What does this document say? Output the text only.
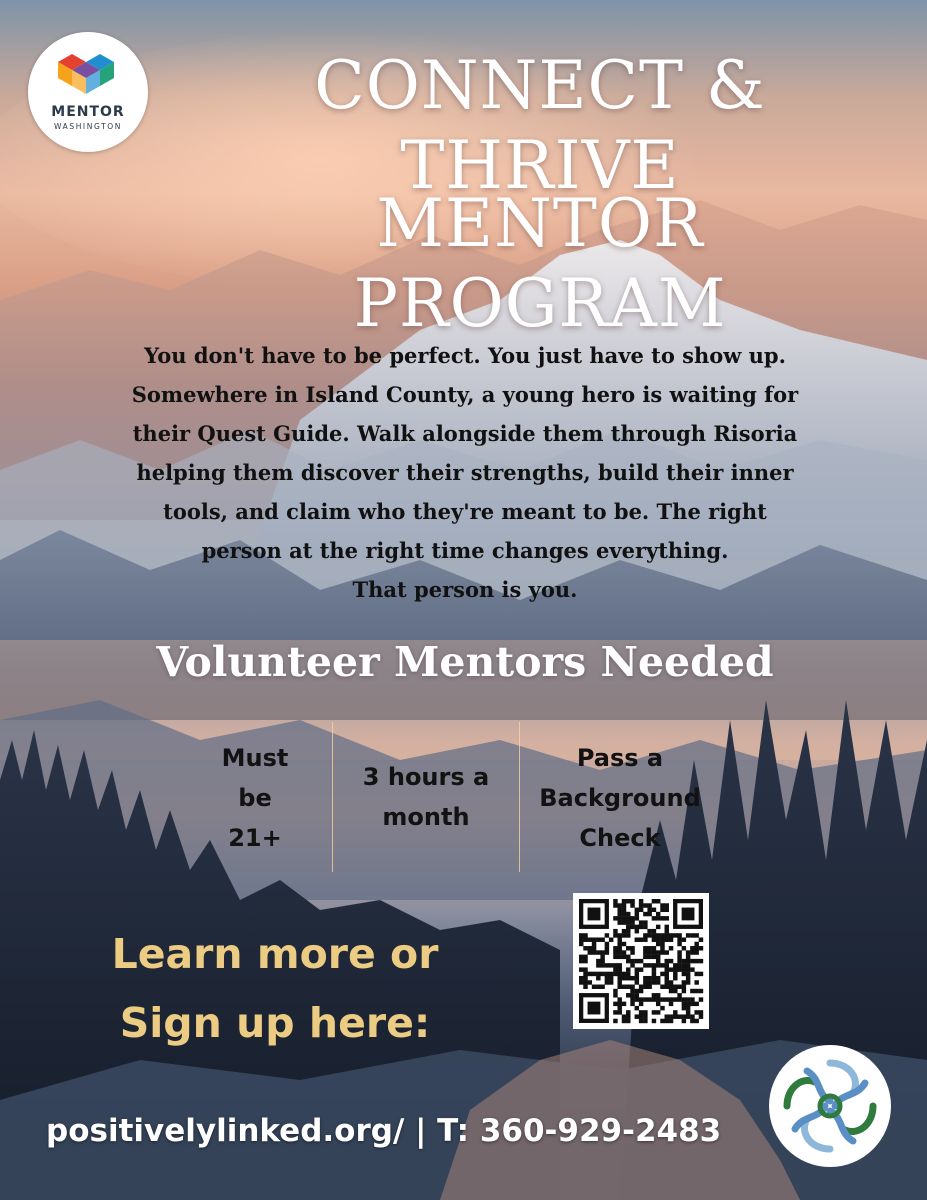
MENTOR
WASHINGTON
CONNECT & THRIVE
MENTOR PROGRAM
You don't have to be perfect. You just have to show up.
Somewhere in Island County, a young hero is waiting for
their Quest Guide. Walk alongside them through Risoria
helping them discover their strengths, build their inner
tools, and claim who they're meant to be. The right
person at the right time changes everything.
That person is you.
Volunteer Mentors Needed
Must
be
21+
3 hours a
month
Pass a
Background
Check
Learn more or
Sign up here:
positivelylinked.org/ | T: 360-929-2483
